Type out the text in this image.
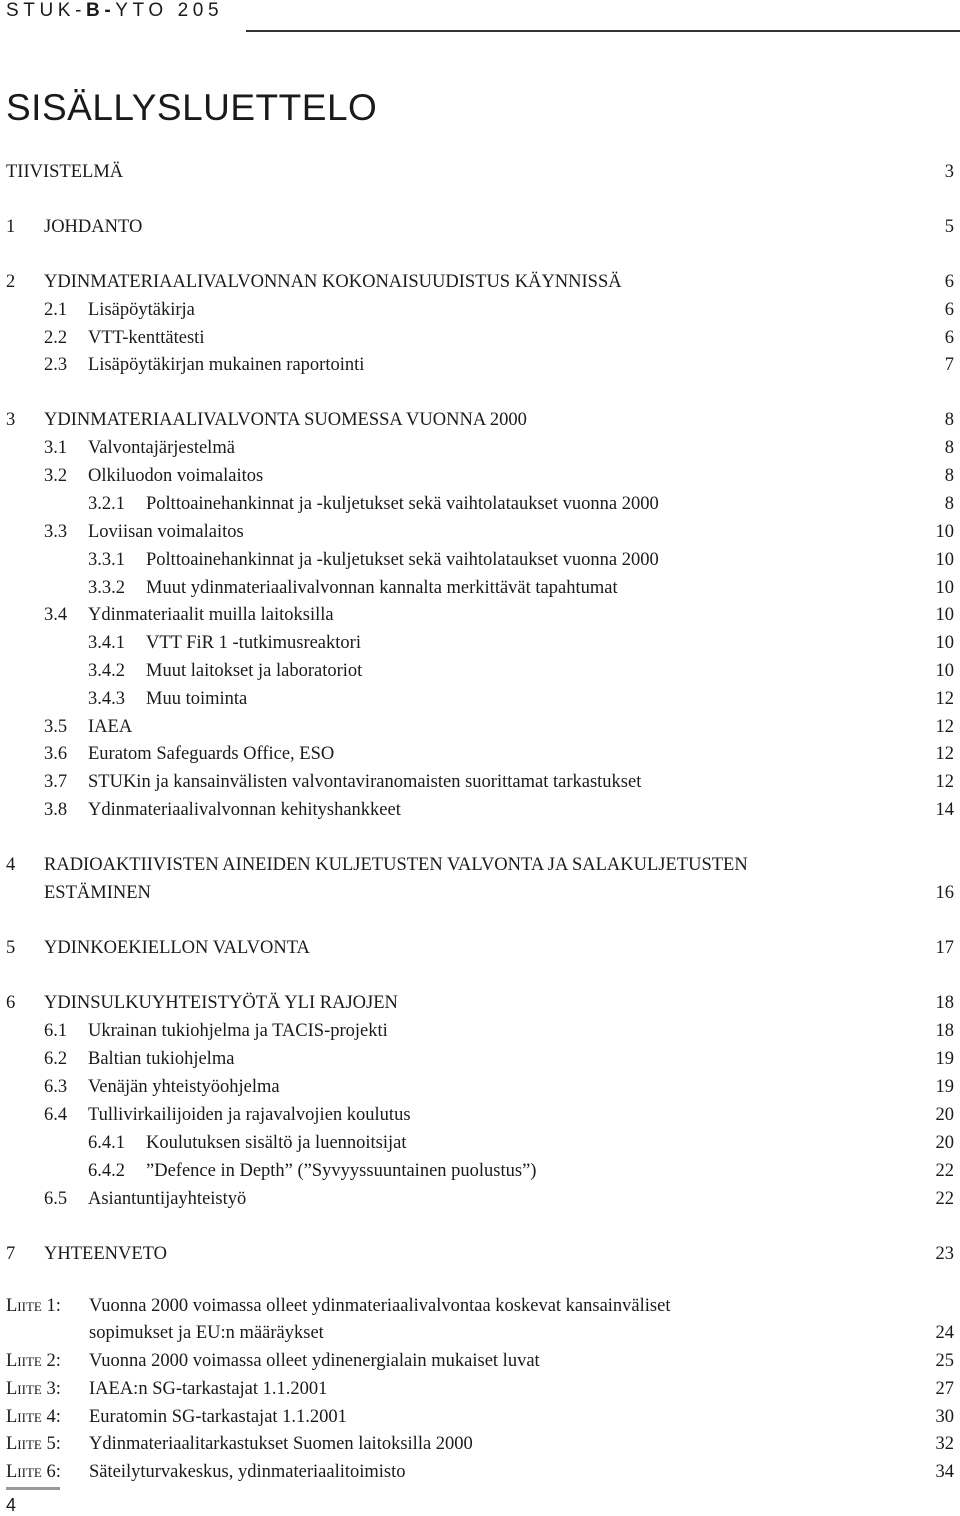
STUK-B-YTO 205
SISÄLLYSLUETTELO
TIIVISTELMÄ	3
1 JOHDANTO	5
2 YDINMATERIAALIVALVONNAN KOKONAISUUDISTUS KÄYNNISSÄ	6
2.1 Lisäpöytäkirja	6
2.2 VTT-kenttätesti	6
2.3 Lisäpöytäkirjan mukainen raportointi	7
3 YDINMATERIAALIVALVONTA SUOMESSA VUONNA 2000	8
3.1 Valvontajärjestelmä	8
3.2 Olkiluodon voimalaitos	8
3.2.1 Polttoainehankinnat ja -kuljetukset sekä vaihtolataukset vuonna 2000	8
3.3 Loviisan voimalaitos	10
3.3.1 Polttoainehankinnat ja -kuljetukset sekä vaihtolataukset vuonna 2000	10
3.3.2 Muut ydinmateriaalivalvonnan kannalta merkittävät tapahtumat	10
3.4 Ydinmateriaalit muilla laitoksilla	10
3.4.1 VTT FiR 1 -tutkimusreaktori	10
3.4.2 Muut laitokset ja laboratoriot	10
3.4.3 Muu toiminta	12
3.5 IAEA	12
3.6 Euratom Safeguards Office, ESO	12
3.7 STUKin ja kansainvälisten valvontaviranomaisten suorittamat tarkastukset	12
3.8 Ydinmateriaalivalvonnan kehityshankkeet	14
4 RADIOAKTIIVISTEN AINEIDEN KULJETUSTEN VALVONTA JA SALAKULJETUSTEN
ESTÄMINEN	16
5 YDINKOEKIELLON VALVONTA	17
6 YDINSULKUYHTEISTYÖTÄ YLI RAJOJEN	18
6.1 Ukrainan tukiohjelma ja TACIS-projekti	18
6.2 Baltian tukiohjelma	19
6.3 Venäjän yhteistyöohjelma	19
6.4 Tullivirkailijoiden ja rajavalvojien koulutus	20
6.4.1 Koulutuksen sisältö ja luennoitsijat	20
6.4.2 ”Defence in Depth” (”Syvyyssuuntainen puolustus”)	22
6.5 Asiantuntijayhteistyö	22
7 YHTEENVETO	23
Liite 1: Vuonna 2000 voimassa olleet ydinmateriaalivalvontaa koskevat kansainväliset
sopimukset ja EU:n määräykset	24
Liite 2: Vuonna 2000 voimassa olleet ydinenergialain mukaiset luvat	25
Liite 3: IAEA:n SG-tarkastajat 1.1.2001	27
Liite 4: Euratomin SG-tarkastajat 1.1.2001	30
Liite 5: Ydinmateriaalitarkastukset Suomen laitoksilla 2000	32
Liite 6: Säteilyturvakeskus, ydinmateriaalitoimisto	34
4
